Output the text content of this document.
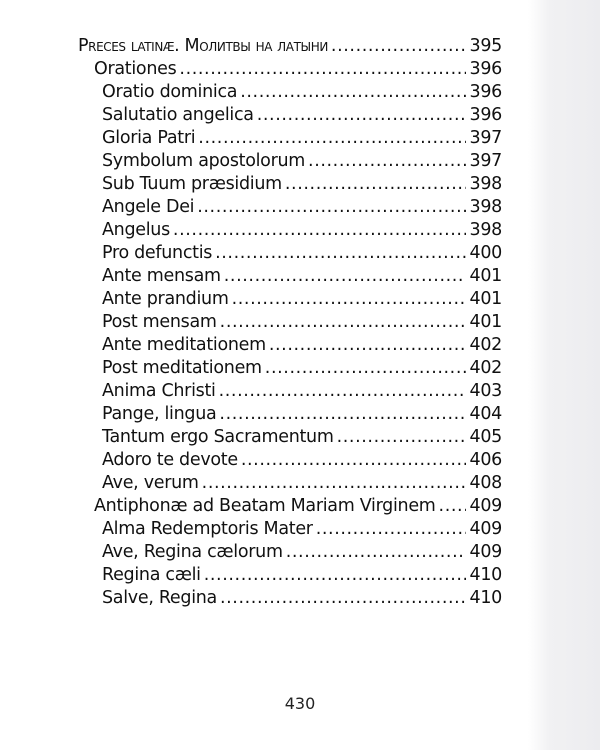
Preces latinæ. Молитвы на латыни .....	395
Orationes .....	396
Oratio dominica .....	396
Salutatio angelica .....	396
Gloria Patri .....	397
Symbolum apostolorum .....	397
Sub Tuum præsidium .....	398
Angele Dei .....	398
Angelus .....	398
Pro defunctis .....	400
Ante mensam .....	401
Ante prandium .....	401
Post mensam .....	401
Ante meditationem .....	402
Post meditationem .....	402
Anima Christi .....	403
Pange, lingua .....	404
Tantum ergo Sacramentum .....	405
Adoro te devote .....	406
Ave, verum .....	408
Antiphonæ ad Beatam Mariam Virginem ..... 409
Alma Redemptoris Mater .....	409
Ave, Regina cælorum .....	409
Regina cæli .....	410
Salve, Regina .....	410
430
